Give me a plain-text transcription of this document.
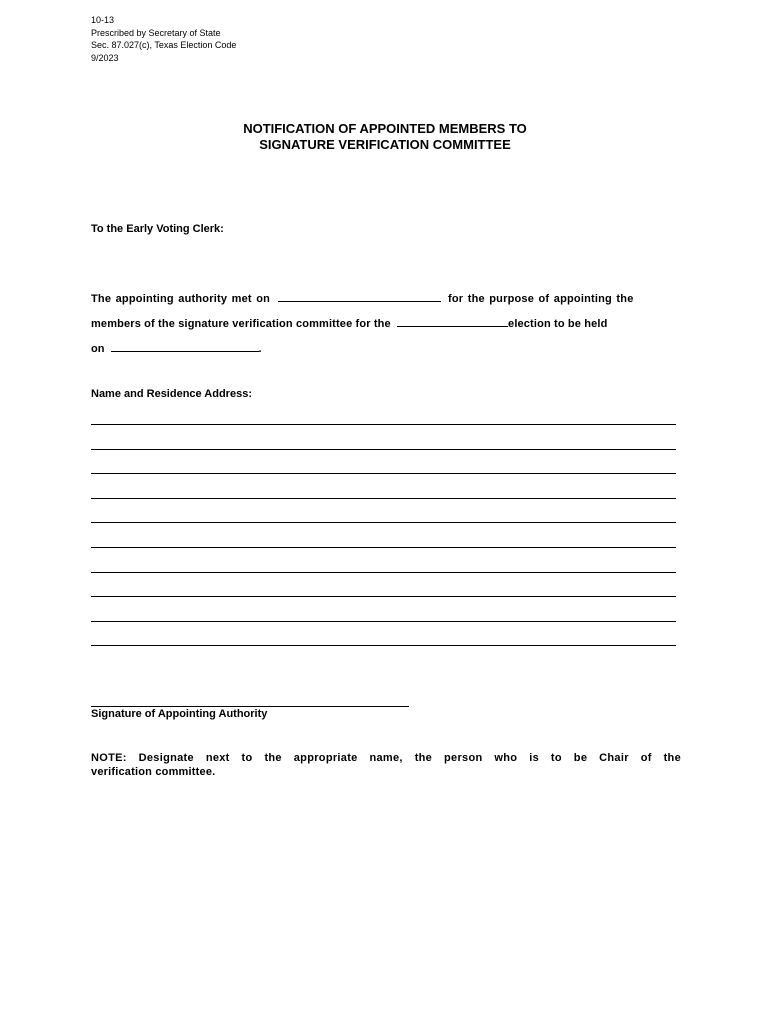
10-13
Prescribed by Secretary of State
Sec. 87.027(c), Texas Election Code
9/2023
NOTIFICATION OF APPOINTED MEMBERS TO
SIGNATURE VERIFICATION COMMITTEE
To the Early Voting Clerk:
The appointing authority met on	for the purpose of appointing the
members of the signature verification committee for the	election to be held
on	.
Name and Residence Address:
Signature of Appointing Authority
NOTE: Designate next to the appropriate name, the person who is to be Chair of the
verification committee.
